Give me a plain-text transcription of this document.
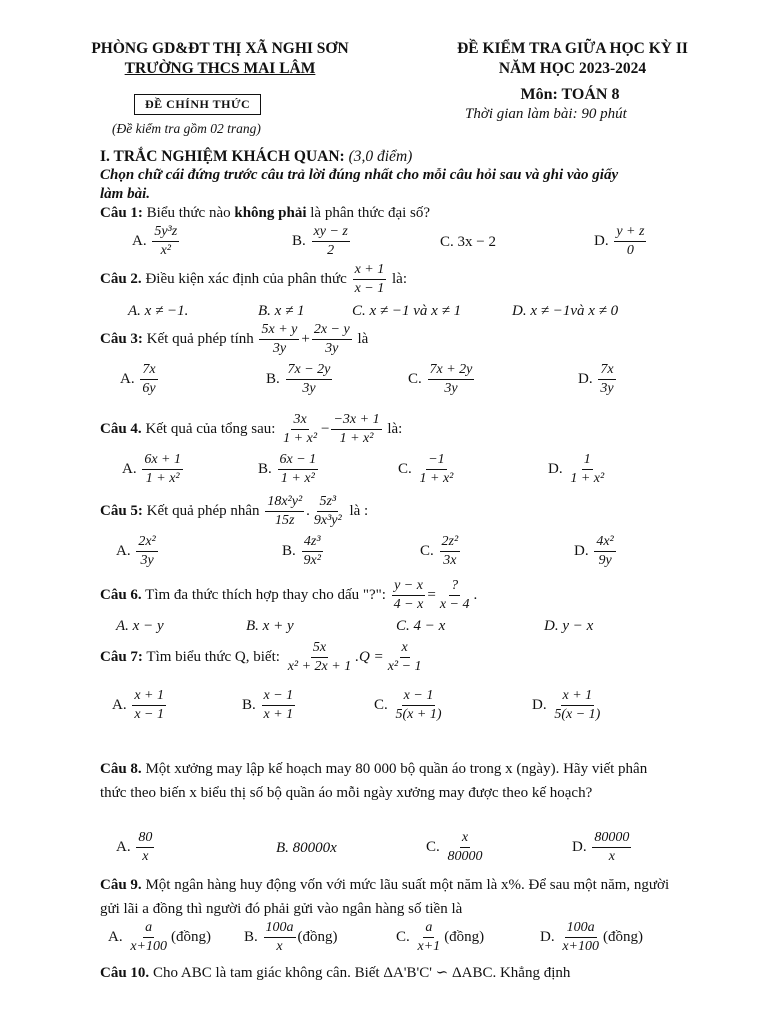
PHÒNG GD&ĐT THỊ XÃ NGHI SƠN
TRƯỜNG THCS MAI LÂM
ĐỀ CHÍNH THỨC
(Đề kiểm tra gồm 02 trang)
ĐỀ KIỂM TRA GIỮA HỌC KỲ II
NĂM HỌC 2023-2024
Môn: TOÁN 8
Thời gian làm bài: 90 phút
I. TRẮC NGHIỆM KHÁCH QUAN: (3,0 điểm)
Chọn chữ cái đứng trước câu trả lời đúng nhất cho mỗi câu hỏi sau và ghi vào giấy
làm bài.
Câu 1: Biểu thức nào không phải là phân thức đại số?
A. $\frac{\text{5y³z}}{\text{x²}}$	B. $\frac{xy - z}{2}$	C. 3x − 2	D. $\frac{y + z}{0}$
Câu 2. Điều kiện xác định của phân thức $\frac{x + 1}{x - 1}$ là:
A. x ≠ −1.	B. x ≠ 1	C. x ≠ −1 và x ≠ 1	D. x ≠ −1và x ≠ 0
Câu 3: Kết quả phép tính $\frac{5x + y}{3y} + \frac{2x - y}{3y}$ là
A. $\frac{7x}{6y}$	B. $\frac{7x - 2y}{3y}$	C. $\frac{7x + 2y}{3y}$	D. $\frac{7x}{3y}$
Câu 4. Kết quả của tổng sau: $\frac{3x}{\text{1 + x²}} - \frac{-3x + 1}{\text{1 + x²}}$ là:
A. $\frac{6x + 1}{\text{1 + x²}}$	B. $\frac{6x - 1}{\text{1 + x²}}$	C. $\frac{-1}{\text{1 + x²}}$	D. $\frac{1}{\text{1 + x²}}$
Câu 5: Kết quả phép nhân $\frac{\text{18x²y²}}{15z}$ . $\frac{\text{5z³}}{\text{9x³y²}}$ là :
A. $\frac{\text{2x²}}{3y}$	B. $\frac{\text{4z³}}{\text{9x²}}$	C. $\frac{\text{2z²}}{3x}$	D. $\frac{\text{4x²}}{9y}$
Câu 6. Tìm đa thức thích hợp thay cho dấu "?": $\frac{y - x}{4 - x} = \frac{?}{x - 4}$ .
A. x − y	B. x + y	C. 4 − x	D. y − x
Câu 7: Tìm biểu thức Q, biết: $\frac{5x}{\text{x² + 2x + 1}} .Q = \frac{x}{\text{x² − 1}}$
A. $\frac{x + 1}{x - 1}$	B. $\frac{x - 1}{x + 1}$	C. $\frac{x - 1}{5(x + 1)}$	D. $\frac{x + 1}{5(x - 1)}$
Câu 8. Một xưởng may lập kế hoạch may 80 000 bộ quần áo trong x (ngày). Hãy viết phân thức theo biến x biểu thị số bộ quần áo mỗi ngày xưởng may được theo kế hoạch?
A. $\frac{80}{x}$	B. 80000x	C. $\frac{x}{80000}$	D. $\frac{80000}{x}$
Câu 9. Một ngân hàng huy động vốn với mức lãu suất một năm là x%. Để sau một năm, người gửi lãi a đồng thì người đó phải gửi vào ngân hàng số tiền là
A. $\frac{a}{x+100}$ (đồng) B. $\frac{100a}{x}$ (đồng)	C. $\frac{a}{x+1}$ (đồng)	D. $\frac{100a}{x+100}$ (đồng)
Câu 10. Cho ABC là tam giác không cân. Biết ΔA'B'C' ∽ ΔABC. Khẳng định
